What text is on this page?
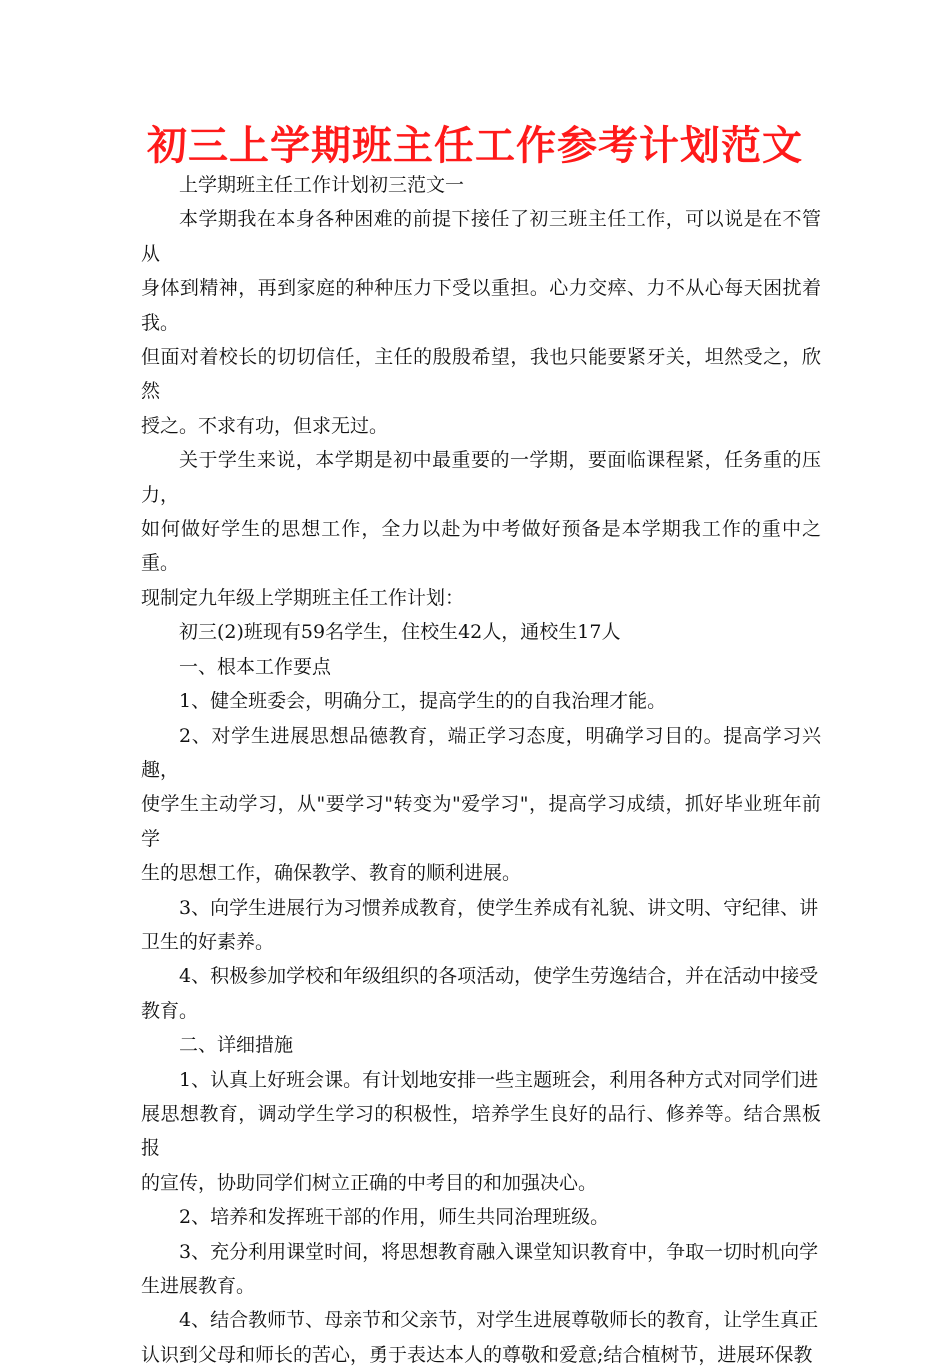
初三上学期班主任工作参考计划范文

上学期班主任工作计划初三范文一

本学期我在本身各种困难的前提下接任了初三班主任工作，可以说是在不管从
身体到精神，再到家庭的种种压力下受以重担。心力交瘁、力不从心每天困扰着我。
但面对着校长的切切信任，主任的殷殷希望，我也只能要紧牙关，坦然受之，欣然
授之。不求有功，但求无过。

关于学生来说，本学期是初中最重要的一学期，要面临课程紧，任务重的压力，
如何做好学生的思想工作，全力以赴为中考做好预备是本学期我工作的重中之重。
现制定九年级上学期班主任工作计划：

初三(2)班现有59名学生，住校生42人，通校生17人

一、根本工作要点

1、健全班委会，明确分工，提高学生的的自我治理才能。

2、对学生进展思想品德教育，端正学习态度，明确学习目的。提高学习兴趣，
使学生主动学习，从"要学习"转变为"爱学习"，提高学习成绩，抓好毕业班年前学
生的思想工作，确保教学、教育的顺利进展。

3、向学生进展行为习惯养成教育，使学生养成有礼貌、讲文明、守纪律、讲
卫生的好素养。

4、积极参加学校和年级组织的各项活动，使学生劳逸结合，并在活动中接受
教育。

二、详细措施

1、认真上好班会课。有计划地安排一些主题班会，利用各种方式对同学们进
展思想教育，调动学生学习的积极性，培养学生良好的品行、修养等。结合黑板报
的宣传，协助同学们树立正确的中考目的和加强决心。

2、培养和发挥班干部的作用，师生共同治理班级。

3、充分利用课堂时间，将思想教育融入课堂知识教育中，争取一切时机向学
生进展教育。

4、结合教师节、母亲节和父亲节，对学生进展尊敬师长的教育，让学生真正
认识到父母和师长的苦心，勇于表达本人的尊敬和爱意;结合植树节，进展环保教
